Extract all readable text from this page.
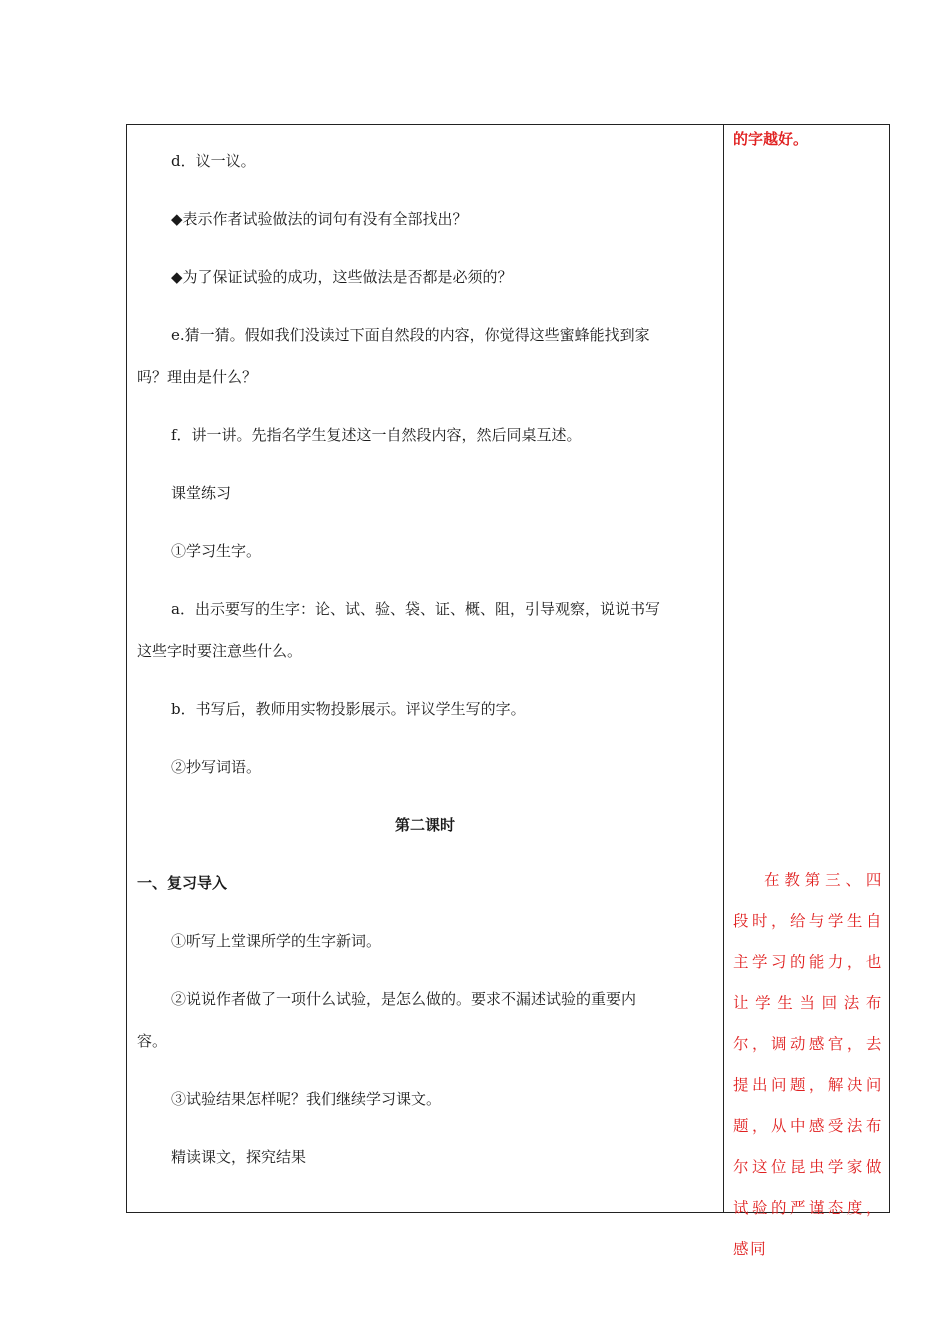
d．议一议。
◆表示作者试验做法的词句有没有全部找出？
◆为了保证试验的成功，这些做法是否都是必须的？
e.猜一猜。假如我们没读过下面自然段的内容，你觉得这些蜜蜂能找到家
吗？理由是什么？
f．讲一讲。先指名学生复述这一自然段内容，然后同桌互述。
课堂练习
①学习生字。
a．出示要写的生字：论、试、验、袋、证、概、阻，引导观察，说说书写
这些字时要注意些什么。
b．书写后，教师用实物投影展示。评议学生写的字。
②抄写词语。
第二课时
一、复习导入
①听写上堂课所学的生字新词。
②说说作者做了一项什么试验，是怎么做的。要求不漏述试验的重要内
容。
③试验结果怎样呢？我们继续学习课文。
精读课文，探究结果
的字越好。
在教第三、四段时，给与学生自主学习的能力，也让学生当回法布尔，调动感官，去提出问题，解决问题，从中感受法布尔这位昆虫学家做试验的严谨态度，感同
